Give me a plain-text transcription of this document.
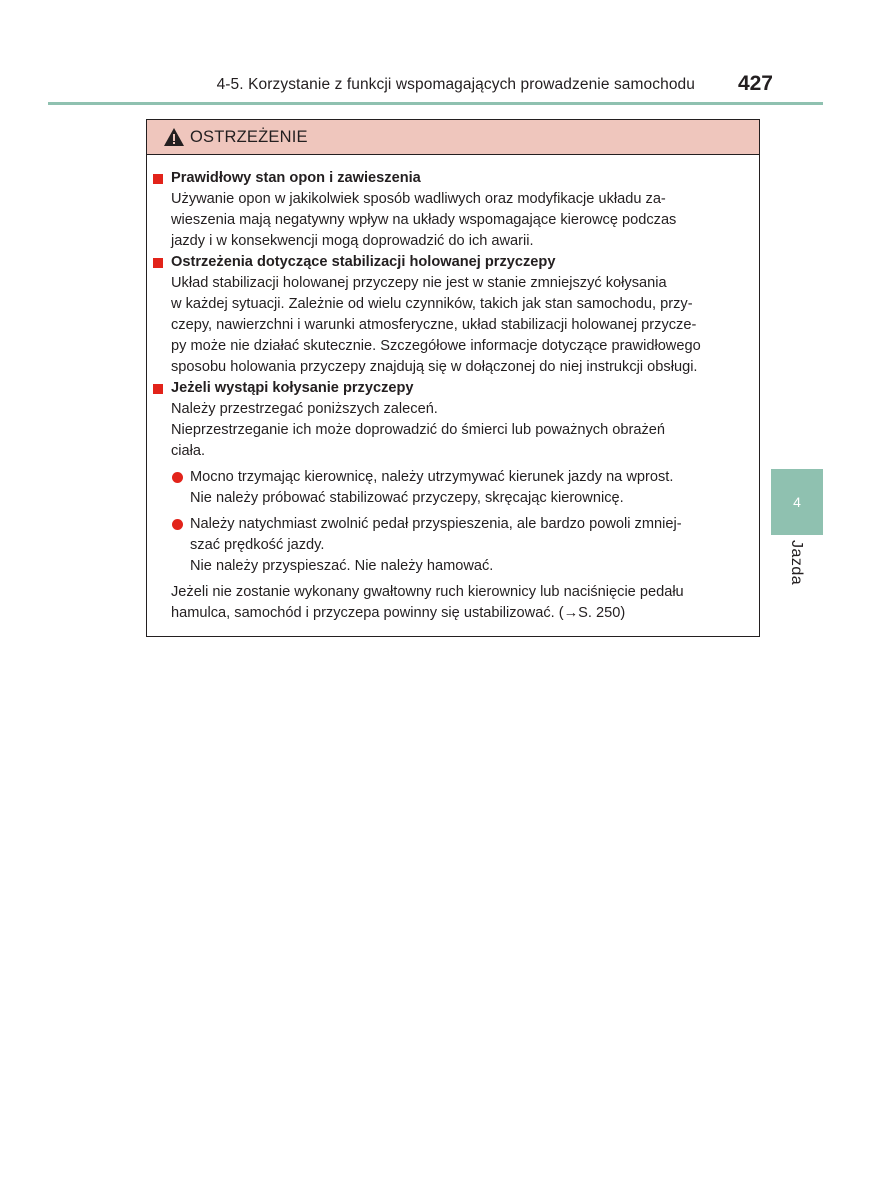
4-5. Korzystanie z funkcji wspomagających prowadzenie samochodu 427
OSTRZEŻENIE
Prawidłowy stan opon i zawieszenia
Używanie opon w jakikolwiek sposób wadliwych oraz modyfikacje układu za-
wieszenia mają negatywny wpływ na układy wspomagające kierowcę podczas
jazdy i w konsekwencji mogą doprowadzić do ich awarii.
Ostrzeżenia dotyczące stabilizacji holowanej przyczepy
Układ stabilizacji holowanej przyczepy nie jest w stanie zmniejszyć kołysania
w każdej sytuacji. Zależnie od wielu czynników, takich jak stan samochodu, przy-
czepy, nawierzchni i warunki atmosferyczne, układ stabilizacji holowanej przycze-
py może nie działać skutecznie. Szczegółowe informacje dotyczące prawidłowego
sposobu holowania przyczepy znajdują się w dołączonej do niej instrukcji obsługi.
Jeżeli wystąpi kołysanie przyczepy
Należy przestrzegać poniższych zaleceń.
Nieprzestrzeganie ich może doprowadzić do śmierci lub poważnych obrażeń
ciała.
Mocno trzymając kierownicę, należy utrzymywać kierunek jazdy na wprost.
Nie należy próbować stabilizować przyczepy, skręcając kierownicę.
Należy natychmiast zwolnić pedał przyspieszenia, ale bardzo powoli zmniej-
szać prędkość jazdy.
Nie należy przyspieszać. Nie należy hamować.
Jeżeli nie zostanie wykonany gwałtowny ruch kierownicy lub naciśnięcie pedału
hamulca, samochód i przyczepa powinny się ustabilizować. (→S. 250)
4
Jazda
